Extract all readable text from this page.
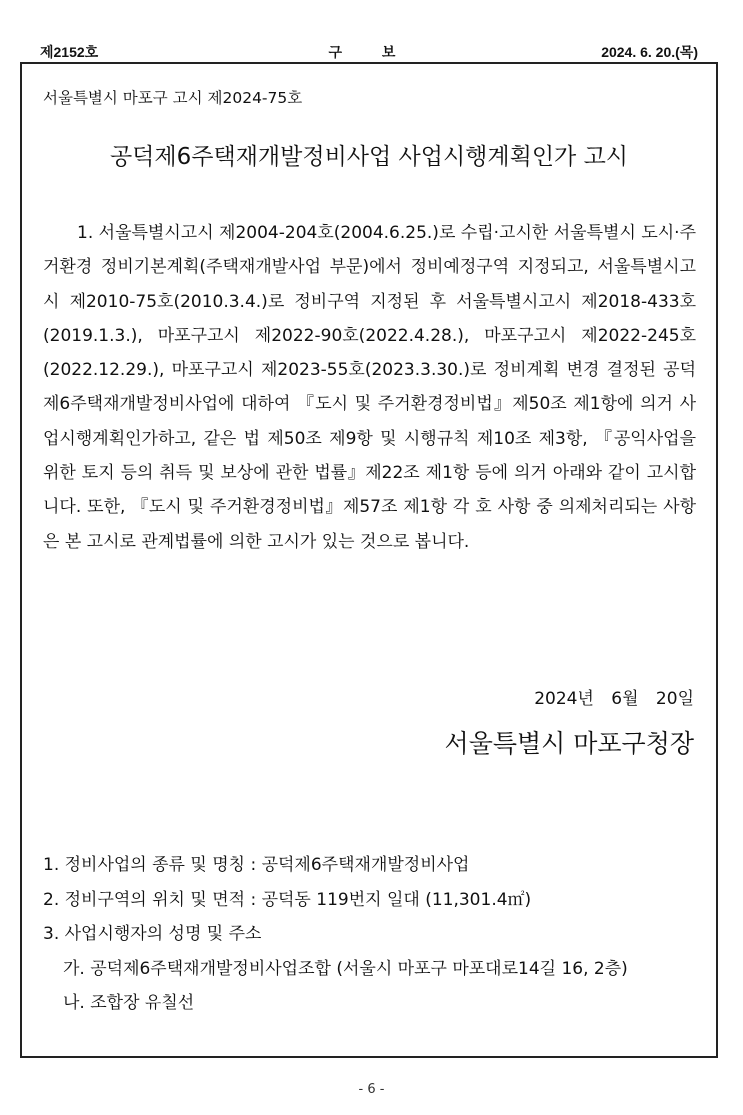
제2152호	구 보	2024. 6. 20.(목)
서울특별시 마포구 고시 제2024-75호
공덕제6주택재개발정비사업 사업시행계획인가 고시
1. 서울특별시고시 제2004-204호(2004.6.25.)로 수립·고시한 서울특별시 도시·주거환경 정비기본계획(주택재개발사업 부문)에서 정비예정구역 지정되고, 서울특별시고시 제2010-75호(2010.3.4.)로 정비구역 지정된 후 서울특별시고시 제2018-433호(2019.1.3.), 마포구고시 제2022-90호(2022.4.28.), 마포구고시 제2022-245호(2022.12.29.), 마포구고시 제2023-55호(2023.3.30.)로 정비계획 변경 결정된 공덕제6주택재개발정비사업에 대하여 『도시 및 주거환경정비법』제50조 제1항에 의거 사업시행계획인가하고, 같은 법 제50조 제9항 및 시행규칙 제10조 제3항, 『공익사업을 위한 토지 등의 취득 및 보상에 관한 법률』제22조 제1항 등에 의거 아래와 같이 고시합니다. 또한, 『도시 및 주거환경정비법』제57조 제1항 각 호 사항 중 의제처리되는 사항은 본 고시로 관계법률에 의한 고시가 있는 것으로 봅니다.
2024년 6월 20일
서울특별시 마포구청장
1. 정비사업의 종류 및 명칭 : 공덕제6주택재개발정비사업
2. 정비구역의 위치 및 면적 : 공덕동 119번지 일대 (11,301.4㎡)
3. 사업시행자의 성명 및 주소
가. 공덕제6주택재개발정비사업조합 (서울시 마포구 마포대로14길 16, 2층)
나. 조합장 유칠선
- 6 -
